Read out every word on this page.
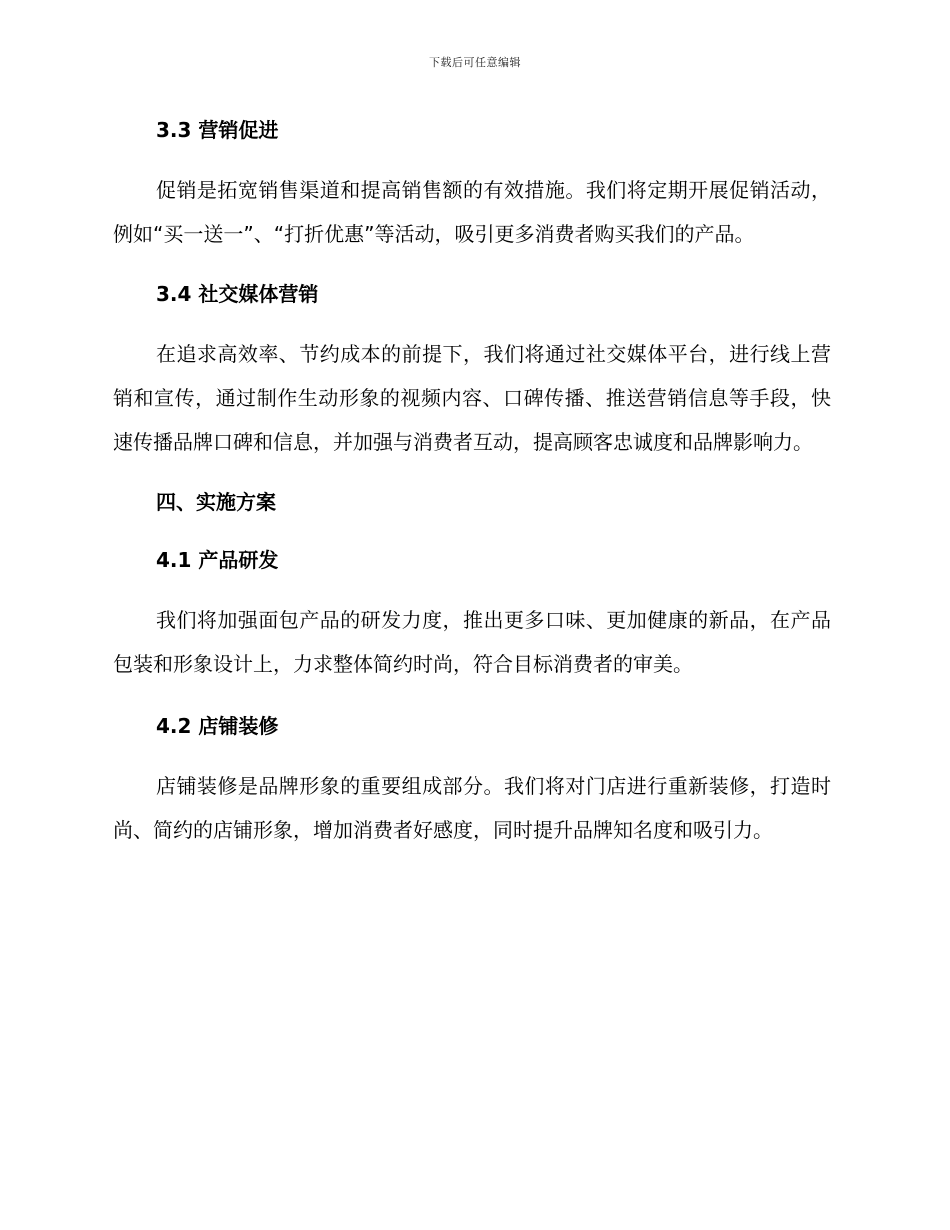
下载后可任意编辑
3.3 营销促进

促销是拓宽销售渠道和提高销售额的有效措施。我们将定期开展促销活动，例如“买一送一”、“打折优惠”等活动，吸引更多消费者购买我们的产品。

3.4 社交媒体营销

在追求高效率、节约成本的前提下，我们将通过社交媒体平台，进行线上营销和宣传，通过制作生动形象的视频内容、口碑传播、推送营销信息等手段，快速传播品牌口碑和信息，并加强与消费者互动，提高顾客忠诚度和品牌影响力。

四、实施方案
4.1 产品研发

我们将加强面包产品的研发力度，推出更多口味、更加健康的新品，在产品包装和形象设计上，力求整体简约时尚，符合目标消费者的审美。

4.2 店铺装修

店铺装修是品牌形象的重要组成部分。我们将对门店进行重新装修，打造时尚、简约的店铺形象，增加消费者好感度，同时提升品牌知名度和吸引力。
